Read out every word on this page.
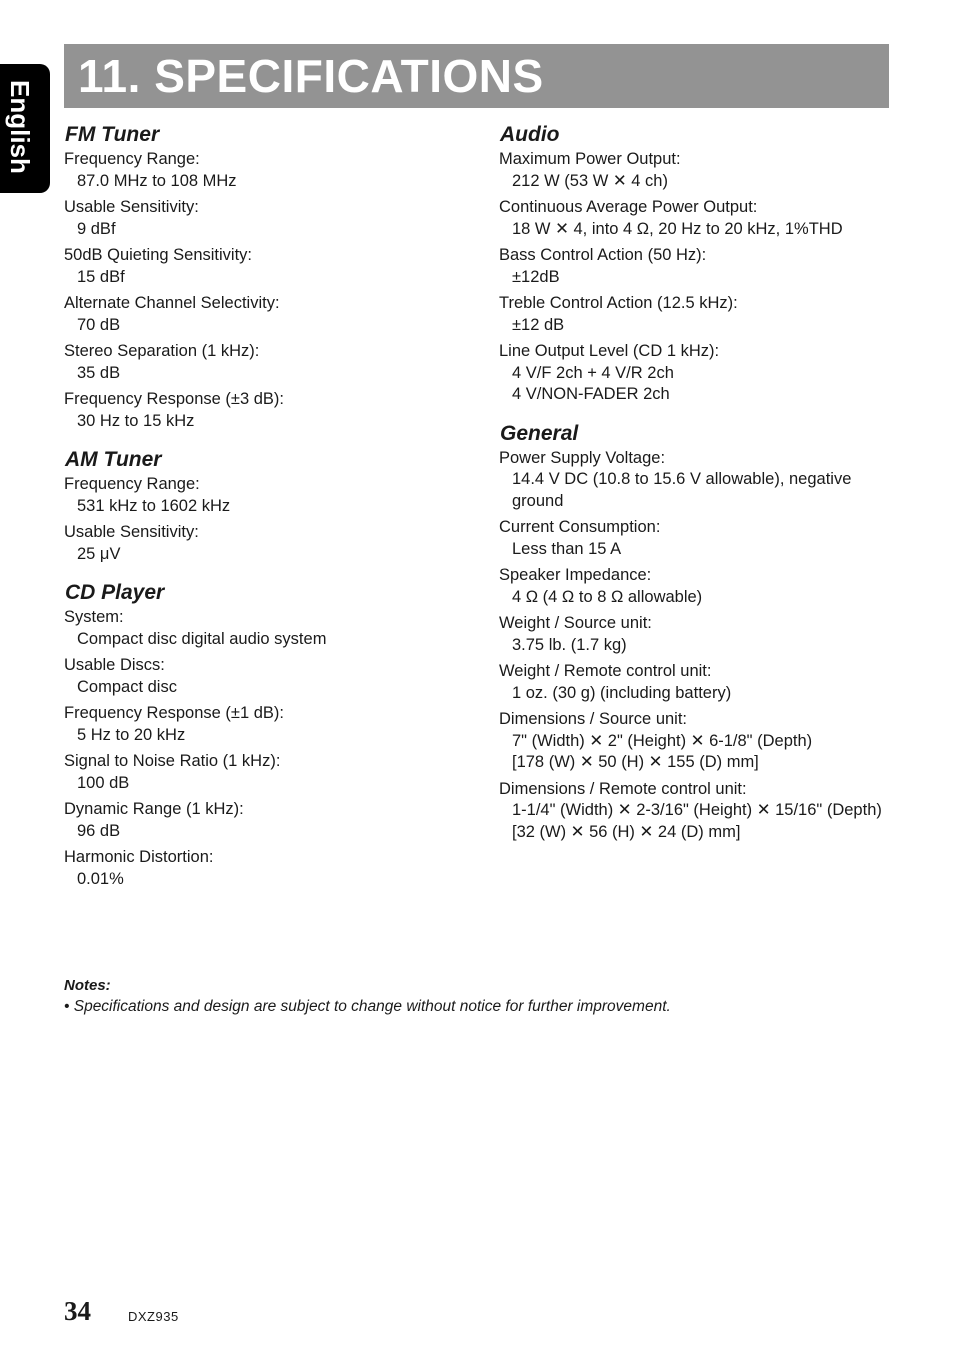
English
11. SPECIFICATIONS
FM Tuner
Frequency Range:
87.0 MHz to 108 MHz
Usable Sensitivity:
9 dBf
50dB Quieting Sensitivity:
15 dBf
Alternate Channel Selectivity:
70 dB
Stereo Separation (1 kHz):
35 dB
Frequency Response (±3 dB):
30 Hz to 15 kHz
AM Tuner
Frequency Range:
531 kHz to 1602 kHz
Usable Sensitivity:
25 μV
CD Player
System:
Compact disc digital audio system
Usable Discs:
Compact disc
Frequency Response (±1 dB):
5 Hz to 20 kHz
Signal to Noise Ratio (1 kHz):
100 dB
Dynamic Range (1 kHz):
96 dB
Harmonic Distortion:
0.01%
Audio
Maximum Power Output:
212 W (53 W ✕ 4 ch)
Continuous Average Power Output:
18 W ✕ 4, into 4 Ω, 20 Hz to 20 kHz, 1%THD
Bass Control Action (50 Hz):
±12dB
Treble Control Action (12.5 kHz):
±12 dB
Line Output Level (CD 1 kHz):
4 V/F 2ch + 4 V/R 2ch
4 V/NON-FADER 2ch
General
Power Supply Voltage:
14.4 V DC (10.8 to 15.6 V allowable), negative ground
Current Consumption:
Less than 15 A
Speaker Impedance:
4 Ω (4 Ω to 8 Ω allowable)
Weight / Source unit:
3.75 lb. (1.7 kg)
Weight / Remote control unit:
1 oz. (30 g) (including battery)
Dimensions / Source unit:
7" (Width) ✕ 2" (Height) ✕ 6-1/8" (Depth)
[178 (W) ✕ 50 (H) ✕ 155 (D) mm]
Dimensions / Remote control unit:
1-1/4" (Width) ✕ 2-3/16" (Height) ✕ 15/16" (Depth)
[32 (W) ✕ 56 (H) ✕ 24 (D) mm]
Notes:
• Specifications and design are subject to change without notice for further improvement.
34	DXZ935
